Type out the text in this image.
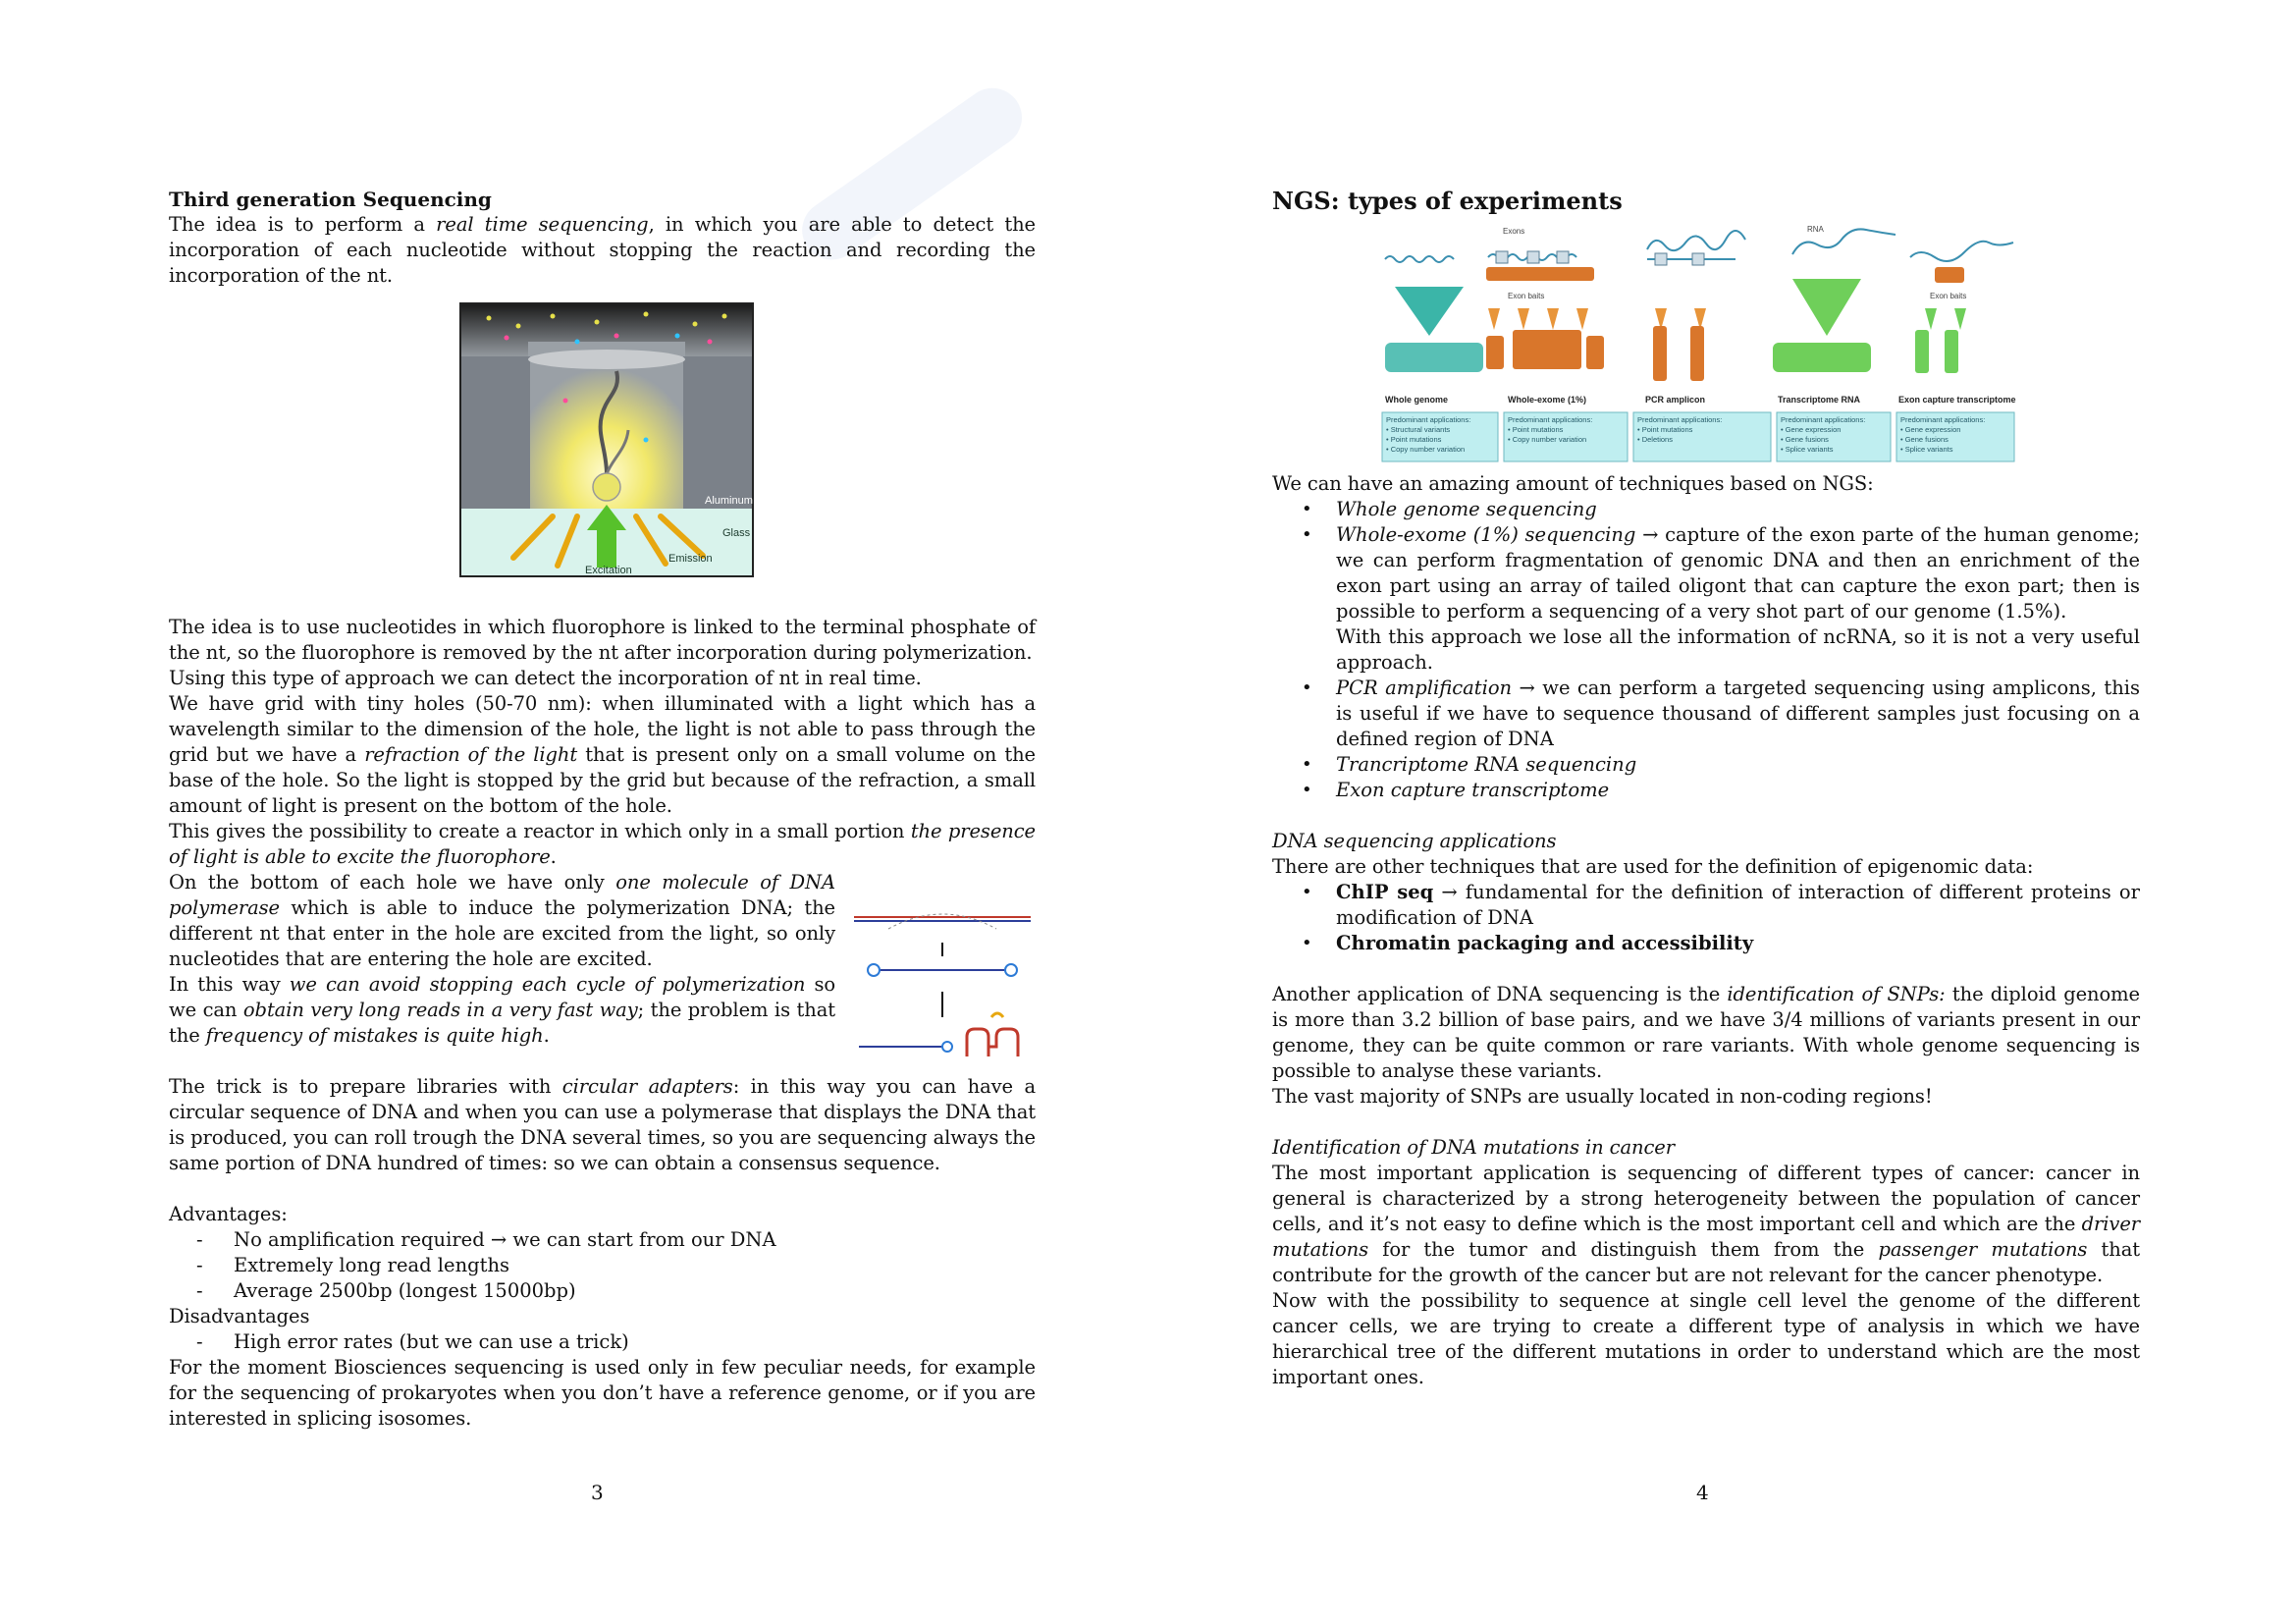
Third generation Sequencing

The idea is to perform a real time sequencing, in which you are able to detect the incorporation of each nucleotide without stopping the reaction and recording the incorporation of the nt.

Aluminum
Glass
Excitation
Emission

The idea is to use nucleotides in which fluorophore is linked to the terminal phosphate of the nt, so the fluorophore is removed by the nt after incorporation during polymerization.

Using this type of approach we can detect the incorporation of nt in real time.

We have grid with tiny holes (50-70 nm): when illuminated with a light which has a wavelength similar to the dimension of the hole, the light is not able to pass through the grid but we have a refraction of the light that is present only on a small volume on the base of the hole. So the light is stopped by the grid but because of the refraction, a small amount of light is present on the bottom of the hole.

This gives the possibility to create a reactor in which only in a small portion the presence of light is able to excite the fluorophore.

On the bottom of each hole we have only one molecule of DNA polymerase which is able to induce the polymerization DNA; the different nt that enter in the hole are excited from the light, so only nucleotides that are entering the hole are excited.

In this way we can avoid stopping each cycle of polymerization so we can obtain very long reads in a very fast way; the problem is that the frequency of mistakes is quite high.

The trick is to prepare libraries with circular adapters: in this way you can have a circular sequence of DNA and when you can use a polymerase that displays the DNA that is produced, you can roll trough the DNA several times, so you are sequencing always the same portion of DNA hundred of times: so we can obtain a consensus sequence.

Advantages:

- No amplification required → we can start from our DNA
- Extremely long read lengths
- Average 2500bp (longest 15000bp)

Disadvantages

- High error rates (but we can use a trick)

For the moment Biosciences sequencing is used only in few peculiar needs, for example for the sequencing of prokaryotes when you don’t have a reference genome, or if you are interested in splicing isosomes.

3

NGS: types of experiments

Exons	RNA
Exon baits	Exon baits
Whole genome	Whole-exome (1%)	PCR amplicon	Transcriptome RNA	Exon capture transcriptome
Predominant applications:
• Structural variants
• Point mutations
• Copy number variation
Predominant applications:
• Point mutations
• Copy number variation
Predominant applications:
• Point mutations
• Deletions
Predominant applications:
• Gene expression
• Gene fusions
• Splice variants
Predominant applications:
• Gene expression
• Gene fusions
• Splice variants

We can have an amazing amount of techniques based on NGS:

• Whole genome sequencing
• Whole-exome (1%) sequencing → capture of the exon parte of the human genome; we can perform fragmentation of genomic DNA and then an enrichment of the exon part using an array of tailed oligont that can capture the exon part; then is possible to perform a sequencing of a very shot part of our genome (1.5%).
With this approach we lose all the information of ncRNA, so it is not a very useful approach.
• PCR amplification → we can perform a targeted sequencing using amplicons, this is useful if we have to sequence thousand of different samples just focusing on a defined region of DNA
• Trancriptome RNA sequencing
• Exon capture transcriptome

DNA sequencing applications

There are other techniques that are used for the definition of epigenomic data:

• ChIP seq → fundamental for the definition of interaction of different proteins or modification of DNA
• Chromatin packaging and accessibility

Another application of DNA sequencing is the identification of SNPs: the diploid genome is more than 3.2 billion of base pairs, and we have 3/4 millions of variants present in our genome, they can be quite common or rare variants. With whole genome sequencing is possible to analyse these variants.

The vast majority of SNPs are usually located in non-coding regions!

Identification of DNA mutations in cancer

The most important application is sequencing of different types of cancer: cancer in general is characterized by a strong heterogeneity between the population of cancer cells, and it’s not easy to define which is the most important cell and which are the driver mutations for the tumor and distinguish them from the passenger mutations that contribute for the growth of the cancer but are not relevant for the cancer phenotype.

Now with the possibility to sequence at single cell level the genome of the different cancer cells, we are trying to create a different type of analysis in which we have hierarchical tree of the different mutations in order to understand which are the most important ones.

4
